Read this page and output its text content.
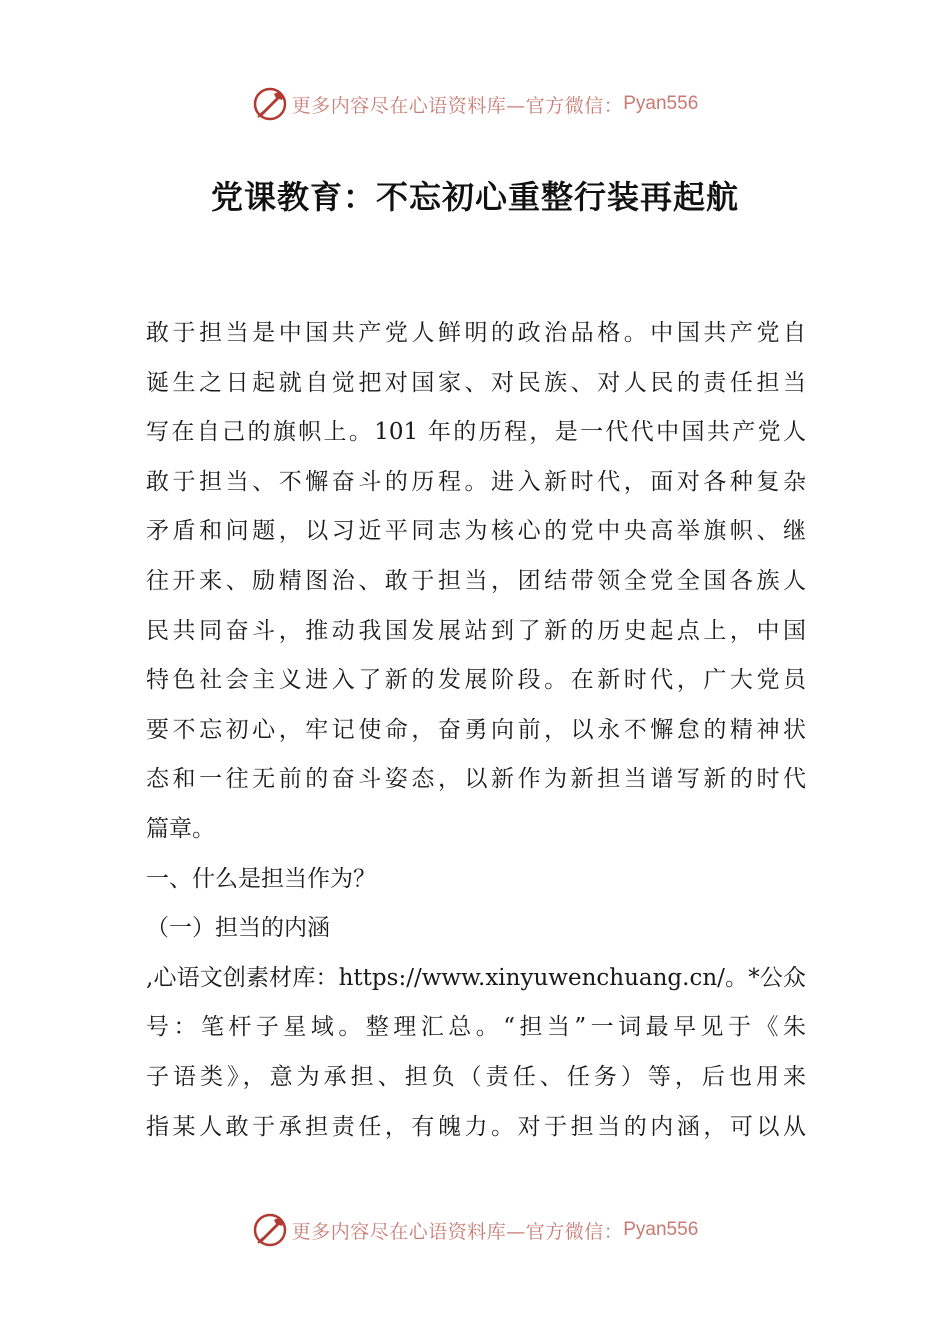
更多内容尽在心语资料库—官方微信： Pyan556
党课教育：不忘初心重整行装再起航
敢于担当是中国共产党人鲜明的政治品格。中国共产党自
诞生之日起就自觉把对国家、对民族、对人民的责任担当
写在自己的旗帜上。101 年的历程，是一代代中国共产党人
敢于担当、不懈奋斗的历程。进入新时代，面对各种复杂
矛盾和问题，以习近平同志为核心的党中央高举旗帜、继
往开来、励精图治、敢于担当，团结带领全党全国各族人
民共同奋斗，推动我国发展站到了新的历史起点上，中国
特色社会主义进入了新的发展阶段。在新时代，广大党员
要不忘初心，牢记使命，奋勇向前，以永不懈怠的精神状
态和一往无前的奋斗姿态，以新作为新担当谱写新的时代
篇章。
一、什么是担当作为？
（一）担当的内涵
,心语文创素材库：https://www.xinyuwenchuang.cn/。*公众
号：笔杆子星域。整理汇总。“担当”一词最早见于《朱
子语类》，意为承担、担负（责任、任务）等，后也用来
指某人敢于承担责任，有魄力。对于担当的内涵，可以从
更多内容尽在心语资料库—官方微信： Pyan556
